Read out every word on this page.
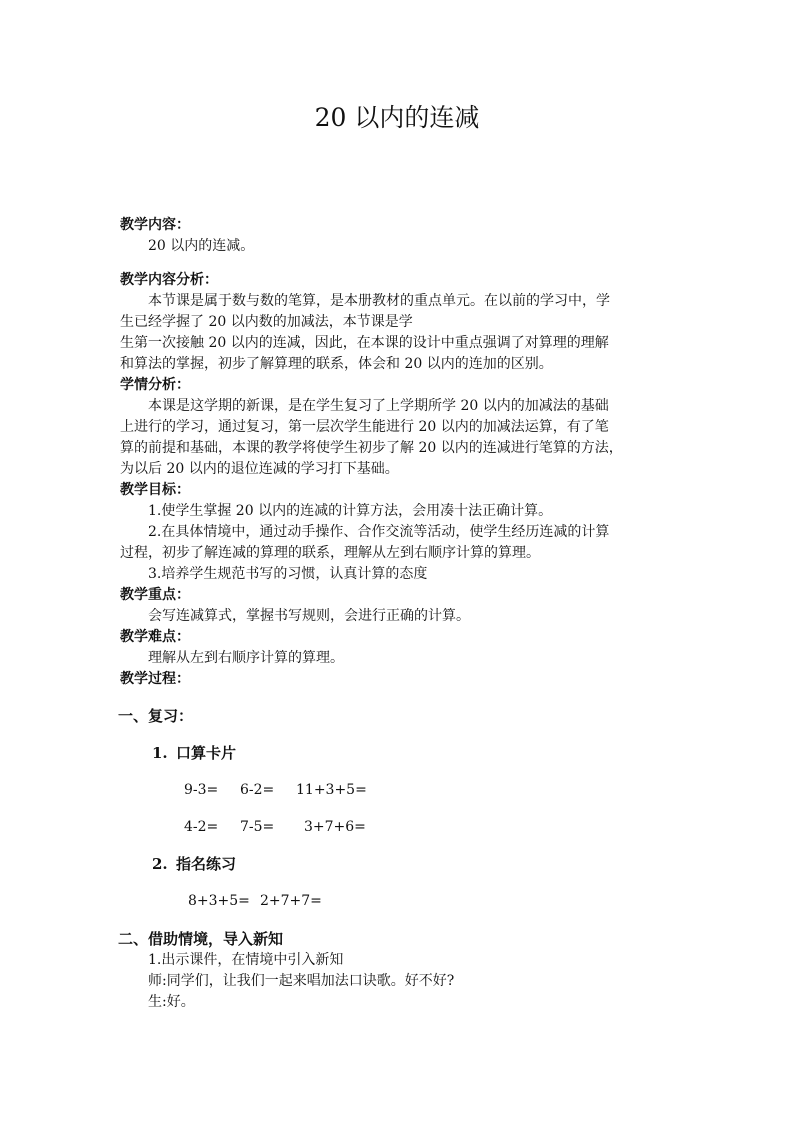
20 以内的连减

教学内容：

20 以内的连减。

教学内容分析：

本节课是属于数与数的笔算，是本册教材的重点单元。在以前的学习中，学

生已经学握了 20 以内数的加减法，本节课是学

生第一次接触 20 以内的连减，因此，在本课的设计中重点强调了对算理的理解

和算法的掌握，初步了解算理的联系，体会和 20 以内的连加的区别。

学情分析：

本课是这学期的新课，是在学生复习了上学期所学 20 以内的加减法的基础

上进行的学习，通过复习，第一层次学生能进行 20 以内的加减法运算，有了笔

算的前提和基础，本课的教学将使学生初步了解 20 以内的连减进行笔算的方法，

为以后 20 以内的退位连减的学习打下基础。

教学目标：

1.使学生掌握 20 以内的连减的计算方法，会用凑十法正确计算。

2.在具体情境中，通过动手操作、合作交流等活动，使学生经历连减的计算

过程，初步了解连减的算理的联系，理解从左到右顺序计算的算理。

3.培养学生规范书写的习惯，认真计算的态度

教学重点：

会写连减算式，掌握书写规则，会进行正确的计算。

教学难点：

理解从左到右顺序计算的算理。

教学过程：

一、复习：

1. 口算卡片

9-3= 6-2= 11+3+5=

4-2= 7-5= 3+7+6=

2. 指名练习

8+3+5= 2+7+7=

二、借助情境，导入新知

1.出示课件，在情境中引入新知

师:同学们，让我们一起来唱加法口诀歌。好不好?

生:好。
